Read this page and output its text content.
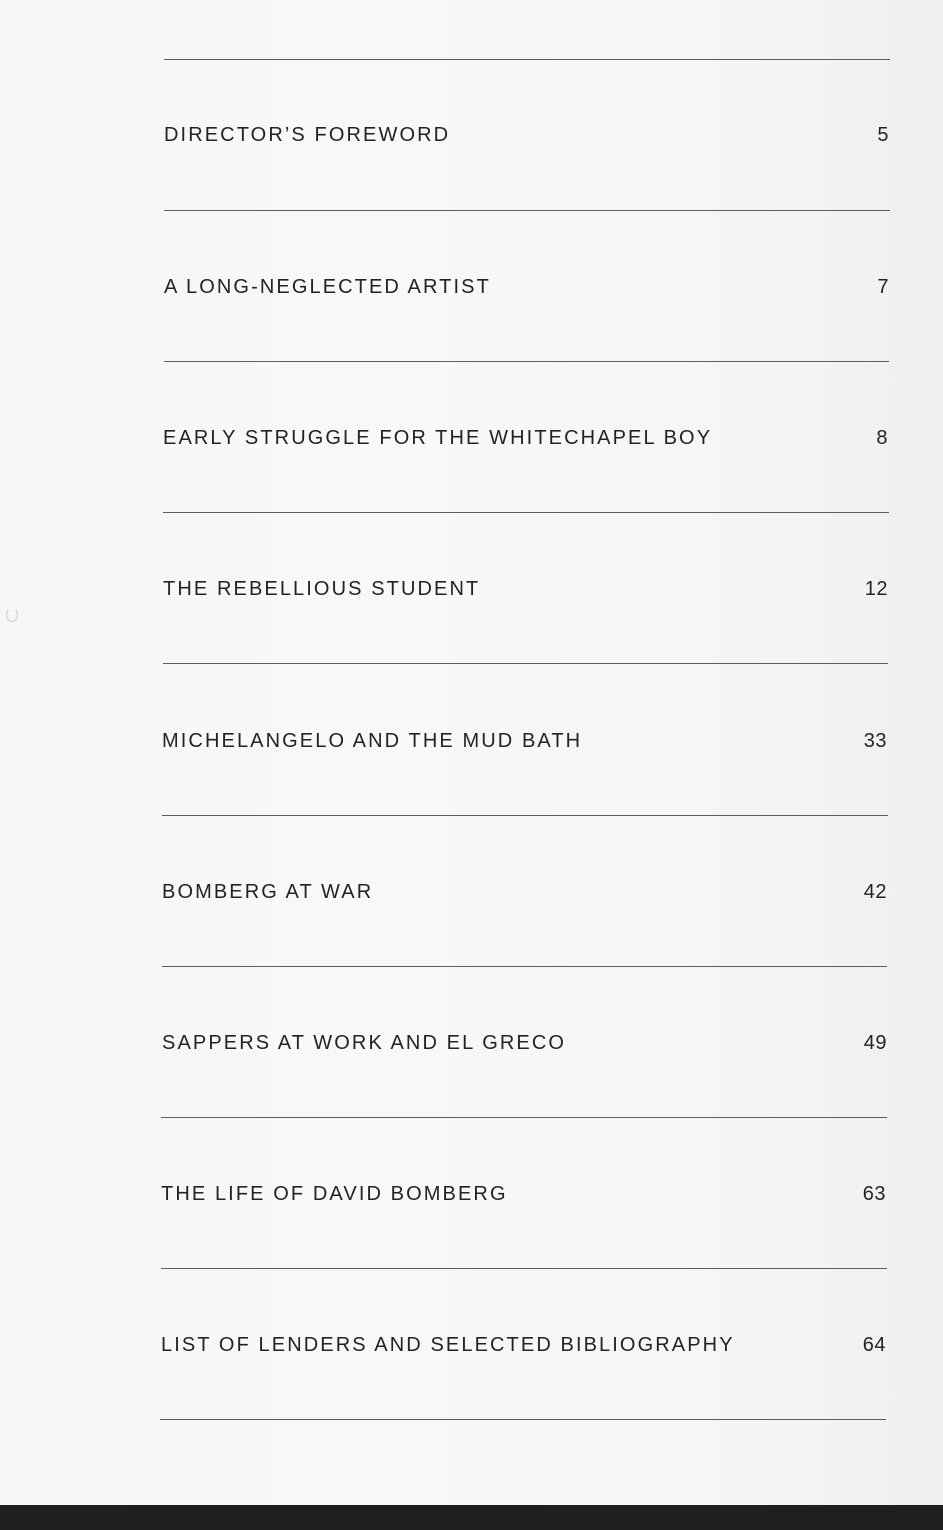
DIRECTOR’S FOREWORD	5
A LONG-NEGLECTED ARTIST	7
EARLY STRUGGLE FOR THE WHITECHAPEL BOY	8
THE REBELLIOUS STUDENT	12
MICHELANGELO AND THE MUD BATH	33
BOMBERG AT WAR	42
SAPPERS AT WORK AND EL GRECO	49
THE LIFE OF DAVID BOMBERG	63
LIST OF LENDERS AND SELECTED BIBLIOGRAPHY	64
